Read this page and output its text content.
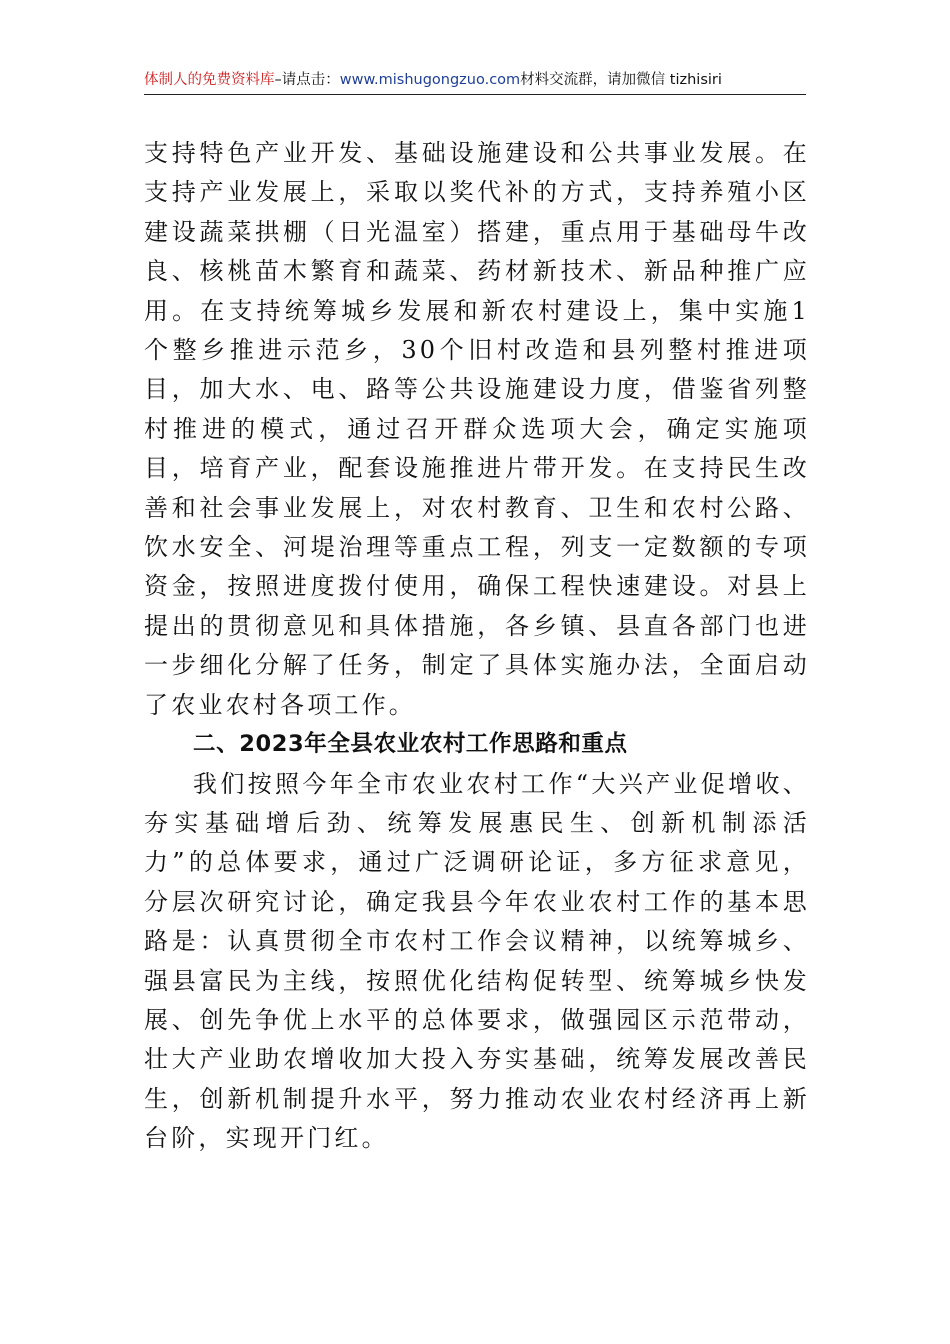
体制人的免费资料库–请点击：www.mishugongzuo.com材料交流群，请加微信 tizhisiri

支持特色产业开发、基础设施建设和公共事业发展。在支持产业发展上，采取以奖代补的方式，支持养殖小区建设蔬菜拱棚（日光温室）搭建，重点用于基础母牛改良、核桃苗木繁育和蔬菜、药材新技术、新品种推广应用。在支持统筹城乡发展和新农村建设上，集中实施1个整乡推进示范乡，30个旧村改造和县列整村推进项目，加大水、电、路等公共设施建设力度，借鉴省列整村推进的模式，通过召开群众选项大会，确定实施项目，培育产业，配套设施推进片带开发。在支持民生改善和社会事业发展上，对农村教育、卫生和农村公路、饮水安全、河堤治理等重点工程，列支一定数额的专项资金，按照进度拨付使用，确保工程快速建设。对县上提出的贯彻意见和具体措施，各乡镇、县直各部门也进一步细化分解了任务，制定了具体实施办法，全面启动了农业农村各项工作。

二、2023年全县农业农村工作思路和重点

我们按照今年全市农业农村工作“大兴产业促增收、夯实基础增后劲、统筹发展惠民生、创新机制添活力”的总体要求，通过广泛调研论证，多方征求意见，分层次研究讨论，确定我县今年农业农村工作的基本思路是：认真贯彻全市农村工作会议精神，以统筹城乡、强县富民为主线，按照优化结构促转型、统筹城乡快发展、创先争优上水平的总体要求，做强园区示范带动，壮大产业助农增收加大投入夯实基础，统筹发展改善民生，创新机制提升水平，努力推动农业农村经济再上新台阶，实现开门红。
